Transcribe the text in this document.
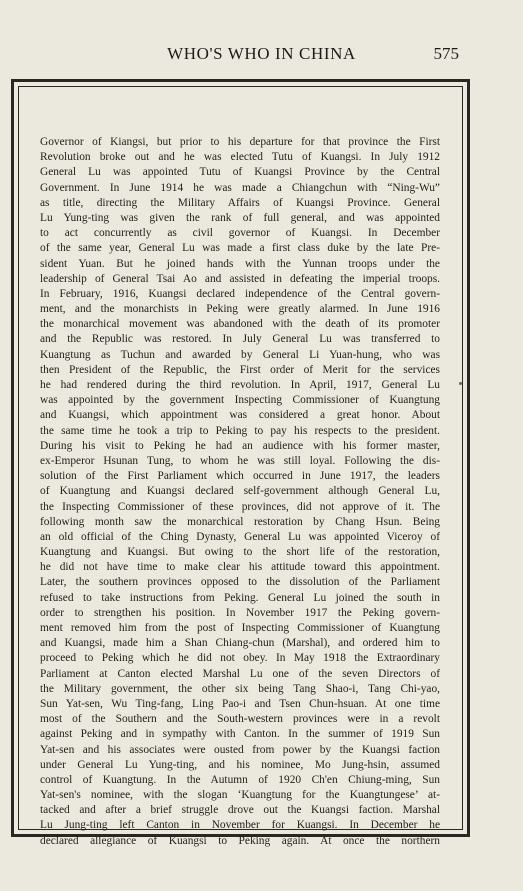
WHO'S WHO IN CHINA	575
Governor of Kiangsi, but prior to his departure for that province the First
Revolution broke out and he was elected Tutu of Kuangsi. In July 1912
General Lu was appointed Tutu of Kuangsi Province by the Central
Government. In June 1914 he was made a Chiangchun with “Ning-Wu”
as title, directing the Military Affairs of Kuangsi Province. General
Lu Yung-ting was given the rank of full general, and was appointed
to act concurrently as civil governor of Kuangsi. In December
of the same year, General Lu was made a first class duke by the late Pre-
sident Yuan. But he joined hands with the Yunnan troops under the
leadership of General Tsai Ao and assisted in defeating the imperial troops.
In February, 1916, Kuangsi declared independence of the Central govern-
ment, and the monarchists in Peking were greatly alarmed. In June 1916
the monarchical movement was abandoned with the death of its promoter
and the Republic was restored. In July General Lu was transferred to
Kuangtung as Tuchun and awarded by General Li Yuan-hung, who was
then President of the Republic, the First order of Merit for the services
he had rendered during the third revolution. In April, 1917, General Lu
was appointed by the government Inspecting Commissioner of Kuangtung
and Kuangsi, which appointment was considered a great honor. About
the same time he took a trip to Peking to pay his respects to the president.
During his visit to Peking he had an audience with his former master,
ex-Emperor Hsunan Tung, to whom he was still loyal. Following the dis-
solution of the First Parliament which occurred in June 1917, the leaders
of Kuangtung and Kuangsi declared self-government although General Lu,
the Inspecting Commissioner of these provinces, did not approve of it. The
following month saw the monarchical restoration by Chang Hsun. Being
an old official of the Ching Dynasty, General Lu was appointed Viceroy of
Kuangtung and Kuangsi. But owing to the short life of the restoration,
he did not have time to make clear his attitude toward this appointment.
Later, the southern provinces opposed to the dissolution of the Parliament
refused to take instructions from Peking. General Lu joined the south in
order to strengthen his position. In November 1917 the Peking govern-
ment removed him from the post of Inspecting Commissioner of Kuangtung
and Kuangsi, made him a Shan Chiang-chun (Marshal), and ordered him to
proceed to Peking which he did not obey. In May 1918 the Extraordinary
Parliament at Canton elected Marshal Lu one of the seven Directors of
the Military government, the other six being Tang Shao-i, Tang Chi-yao,
Sun Yat-sen, Wu Ting-fang, Ling Pao-i and Tsen Chun-hsuan. At one time
most of the Southern and the South-western provinces were in a revolt
against Peking and in sympathy with Canton. In the summer of 1919 Sun
Yat-sen and his associates were ousted from power by the Kuangsi faction
under General Lu Yung-ting, and his nominee, Mo Jung-hsin, assumed
control of Kuangtung. In the Autumn of 1920 Ch'en Chiung-ming, Sun
Yat-sen's nominee, with the slogan ‘Kuangtung for the Kuangtungese’ at-
tacked and after a brief struggle drove out the Kuangsi faction. Marshal
Lu Jung-ting left Canton in November for Kuangsi. In December he
declared allegiance of Kuangsi to Peking again. At once the northern
